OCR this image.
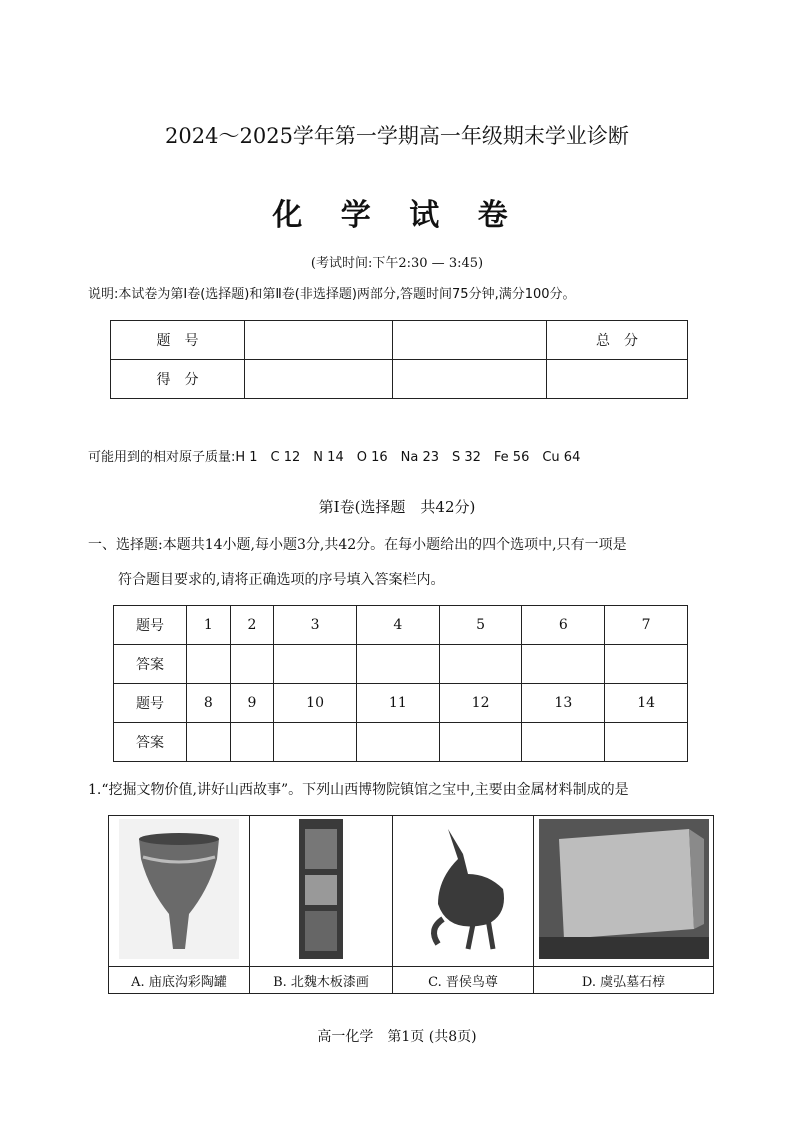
2024～2025学年第一学期高一年级期末学业诊断
化 学 试 卷
(考试时间:下午2:30 — 3:45)
说明:本试卷为第Ⅰ卷(选择题)和第Ⅱ卷(非选择题)两部分,答题时间75分钟,满分100分。
题　号			总　分
得　分			
可能用到的相对原子质量:H 1　C 12　N 14　O 16　Na 23　S 32　Fe 56　Cu 64
第Ⅰ卷(选择题　共42分)
一、选择题:本题共14小题,每小题3分,共42分。在每小题给出的四个选项中,只有一项是
符合题目要求的,请将正确选项的序号填入答案栏内。
题号	1	2	3	4	5	6	7
答案							
题号	8	9	10	11	12	13	14
答案							
1.“挖掘文物价值,讲好山西故事”。下列山西博物院镇馆之宝中,主要由金属材料制成的是

A. 庙底沟彩陶罐	B. 北魏木板漆画	C. 晋侯鸟尊	D. 虞弘墓石椁
高一化学　第1页 (共8页)
